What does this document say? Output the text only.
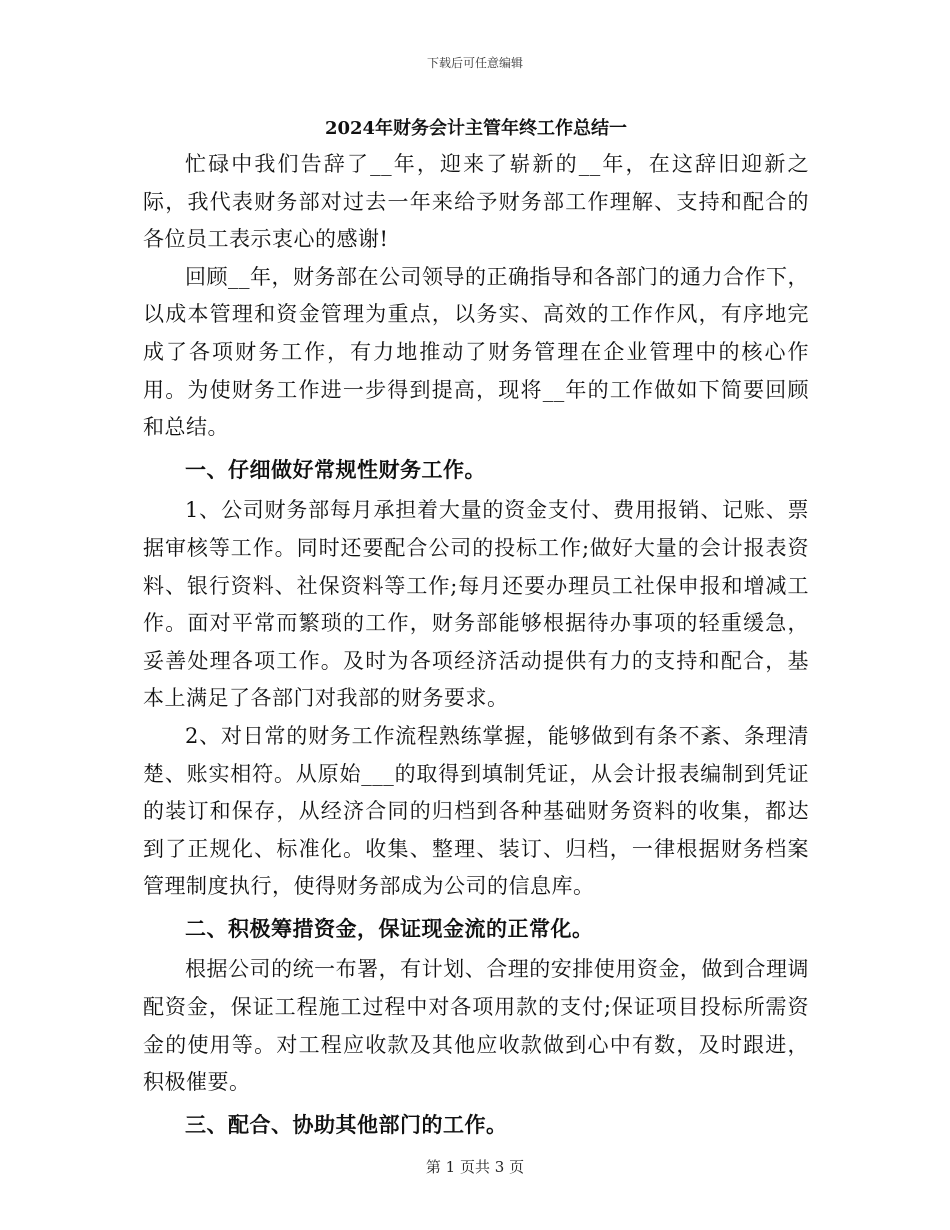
下载后可任意编辑
2024年财务会计主管年终工作总结一

忙碌中我们告辞了__年，迎来了崭新的__年，在这辞旧迎新之际，我代表财务部对过去一年来给予财务部工作理解、支持和配合的各位员工表示衷心的感谢!

回顾__年，财务部在公司领导的正确指导和各部门的通力合作下，以成本管理和资金管理为重点，以务实、高效的工作作风，有序地完成了各项财务工作，有力地推动了财务管理在企业管理中的核心作用。为使财务工作进一步得到提高，现将__年的工作做如下简要回顾和总结。

一、仔细做好常规性财务工作。

1、公司财务部每月承担着大量的资金支付、费用报销、记账、票据审核等工作。同时还要配合公司的投标工作;做好大量的会计报表资料、银行资料、社保资料等工作;每月还要办理员工社保申报和增减工作。面对平常而繁琐的工作，财务部能够根据待办事项的轻重缓急，妥善处理各项工作。及时为各项经济活动提供有力的支持和配合，基本上满足了各部门对我部的财务要求。

2、对日常的财务工作流程熟练掌握，能够做到有条不紊、条理清楚、账实相符。从原始___的取得到填制凭证，从会计报表编制到凭证的装订和保存，从经济合同的归档到各种基础财务资料的收集，都达到了正规化、标准化。收集、整理、装订、归档，一律根据财务档案管理制度执行，使得财务部成为公司的信息库。

二、积极筹措资金，保证现金流的正常化。

根据公司的统一布署，有计划、合理的安排使用资金，做到合理调配资金，保证工程施工过程中对各项用款的支付;保证项目投标所需资金的使用等。对工程应收款及其他应收款做到心中有数，及时跟进，积极催要。

三、配合、协助其他部门的工作。

第 1 页共 3 页
